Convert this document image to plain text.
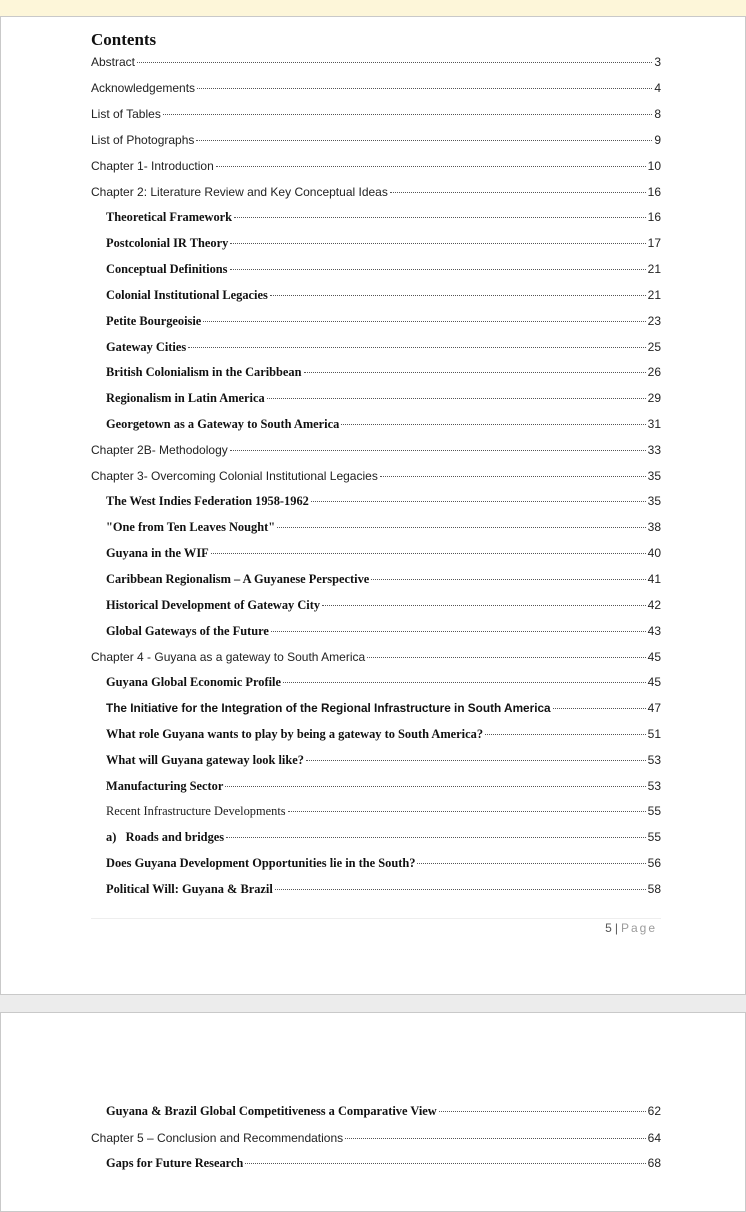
Contents
Abstract	3
Acknowledgements	4
List of Tables	8
List of Photographs	9
Chapter 1- Introduction	10
Chapter 2: Literature Review and Key Conceptual Ideas	16
Theoretical Framework	16
Postcolonial IR Theory	17
Conceptual Definitions	21
Colonial Institutional Legacies	21
Petite Bourgeoisie	23
Gateway Cities	25
British Colonialism in the Caribbean	26
Regionalism in Latin America	29
Georgetown as a Gateway to South America	31
Chapter 2B- Methodology	33
Chapter 3- Overcoming Colonial Institutional Legacies	35
The West Indies Federation 1958-1962	35
"One from Ten Leaves Nought"	38
Guyana in the WIF	40
Caribbean Regionalism – A Guyanese Perspective	41
Historical Development of Gateway City	42
Global Gateways of the Future	43
Chapter 4 - Guyana as a gateway to South America	45
Guyana Global Economic Profile	45
The Initiative for the Integration of the Regional Infrastructure in South America	47
What role Guyana wants to play by being a gateway to South America?	51
What will Guyana gateway look like?	53
Manufacturing Sector	53
Recent Infrastructure Developments	55
a)   Roads and bridges	55
Does Guyana Development Opportunities lie in the South?	56
Political Will: Guyana & Brazil	58
5 | Page
Guyana & Brazil Global Competitiveness a Comparative View	62
Chapter 5 – Conclusion and Recommendations	64
Gaps for Future Research	68
